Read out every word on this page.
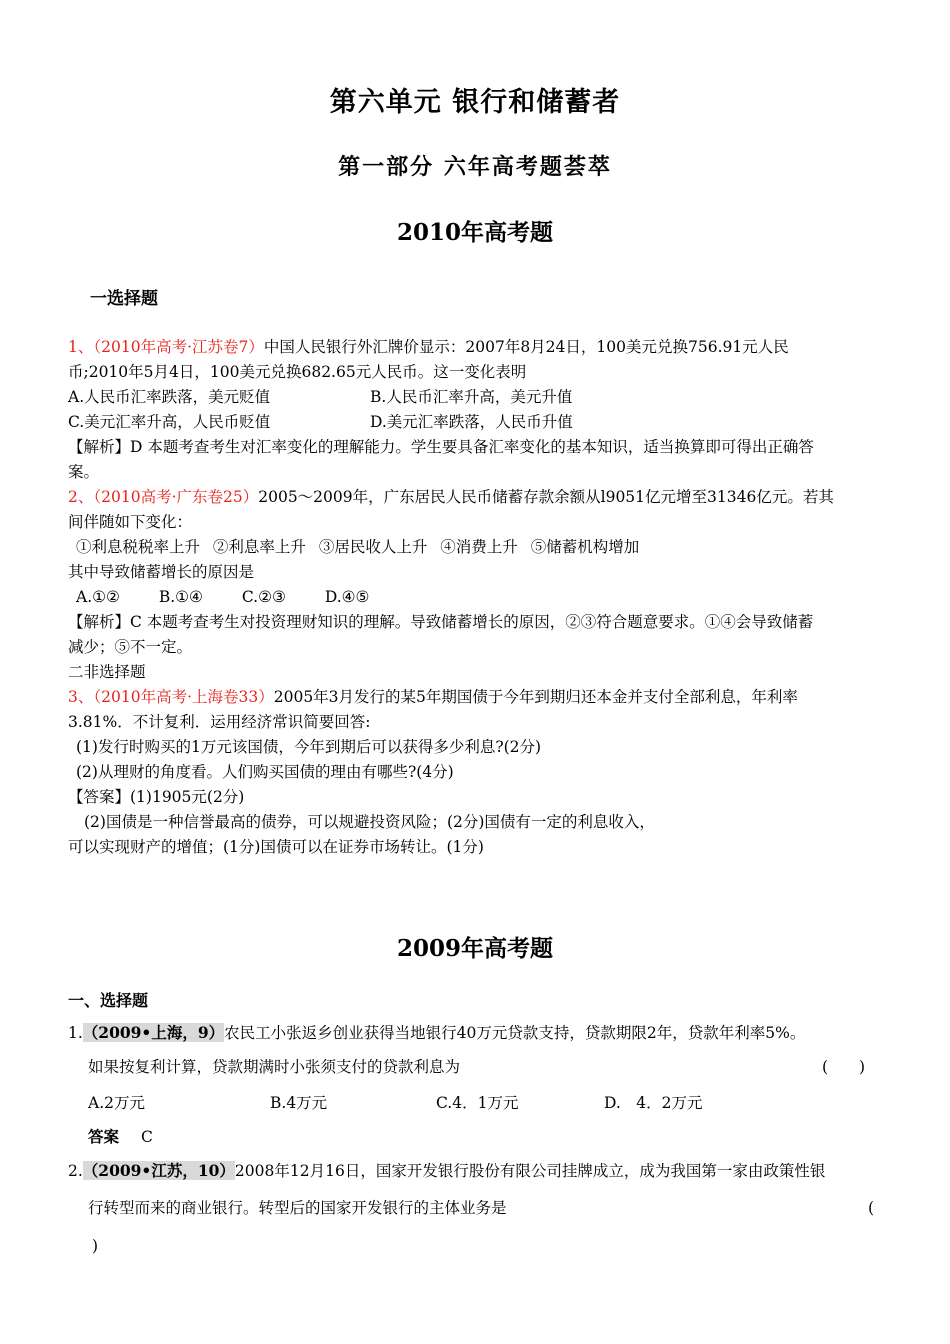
第六单元 银行和储蓄者
第一部分 六年高考题荟萃
2010年高考题
一选择题
1、（2010年高考·江苏卷7）中国人民银行外汇牌价显示：2007年8月24日，100美元兑换756.91元人民
币;2010年5月4日，100美元兑换682.65元人民币。这一变化表明
A.人民币汇率跌落，美元贬值	B.人民币汇率升高，美元升值
C.美元汇率升高，人民币贬值	D.美元汇率跌落，人民币升值
【解析】D 本题考查考生对汇率变化的理解能力。学生要具备汇率变化的基本知识，适当换算即可得出正确答
案。
2、（2010高考·广东卷25）2005～2009年，广东居民人民币储蓄存款余额从l9051亿元增至31346亿元。若其
间伴随如下变化：
①利息税税率上升 ②利息率上升 ③居民收人上升 ④消费上升 ⑤储蓄机构增加
其中导致储蓄增长的原因是
A.①② B.①④ C.②③ D.④⑤
【解析】C 本题考查考生对投资理财知识的理解。导致储蓄增长的原因，②③符合题意要求。①④会导致储蓄
减少；⑤不一定。
二非选择题
3、（2010年高考·上海卷33）2005年3月发行的某5年期国债于今年到期归还本金并支付全部利息，年利率
3.81%．不计复利．运用经济常识简要回答:
(1)发行时购买的1万元该国债，今年到期后可以获得多少利息?(2分)
(2)从理财的角度看。人们购买国债的理由有哪些?(4分)
【答案】(1)1905元(2分)
(2)国债是一种信誉最高的债券，可以规避投资风险；(2分)国债有一定的利息收入，
可以实现财产的增值；(1分)国债可以在证券市场转让。(1分)
2009年高考题
一、选择题
1.（2009•上海，9）农民工小张返乡创业获得当地银行40万元贷款支持，贷款期限2年，贷款年利率5%。
如果按复利计算，贷款期满时小张须支付的贷款利息为	(　　)
A.2万元	B.4万元	C.4．1万元	D.　4．2万元
答案 C
2.（2009•江苏，10）2008年12月16日，国家开发银行股份有限公司挂牌成立，成为我国第一家由政策性银
行转型而来的商业银行。转型后的国家开发银行的主体业务是	(
)
